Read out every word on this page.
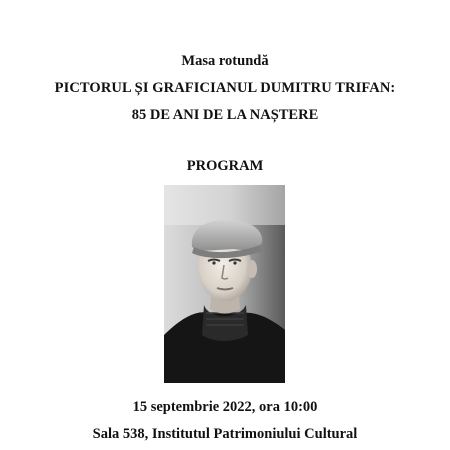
Masa rotundă
PICTORUL ȘI GRAFICIANUL DUMITRU TRIFAN:
85 DE ANI DE LA NAȘTERE
PROGRAM
15 septembrie 2022, ora 10:00
Sala 538, Institutul Patrimoniului Cultural
